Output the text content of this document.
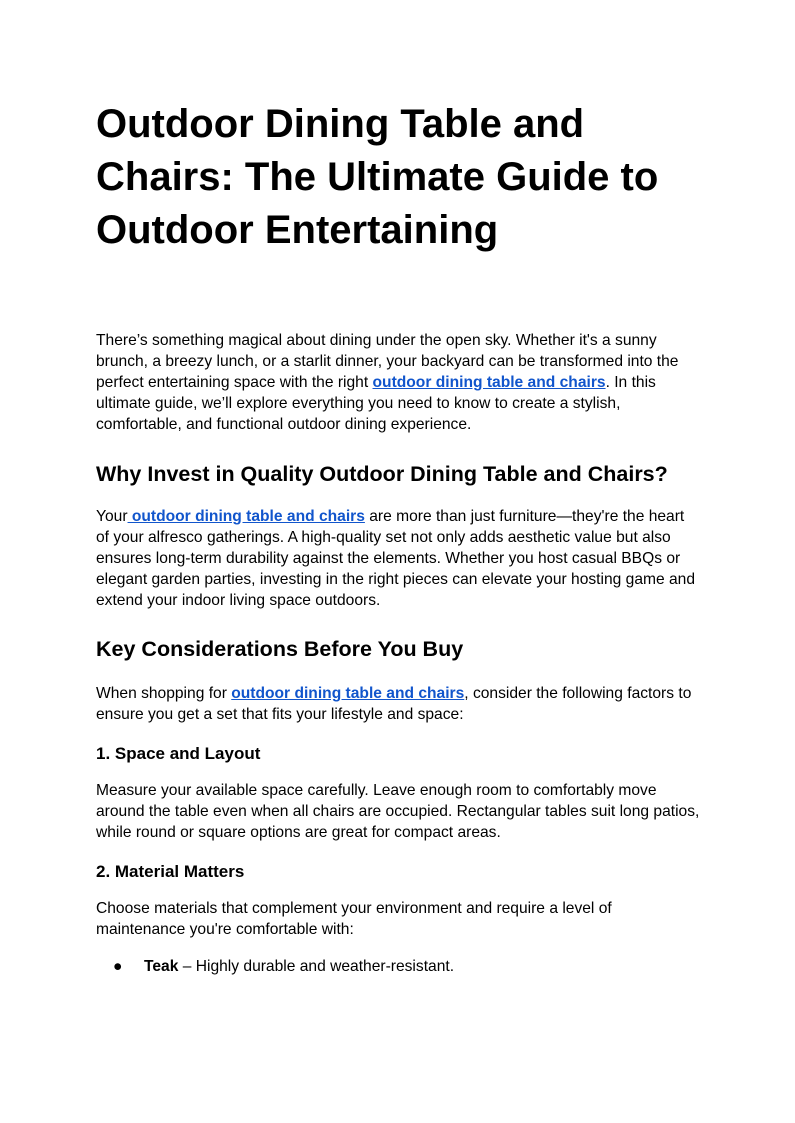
Outdoor Dining Table and Chairs: The Ultimate Guide to Outdoor Entertaining

There’s something magical about dining under the open sky. Whether it's a sunny brunch, a breezy lunch, or a starlit dinner, your backyard can be transformed into the perfect entertaining space with the right outdoor dining table and chairs. In this ultimate guide, we’ll explore everything you need to know to create a stylish, comfortable, and functional outdoor dining experience.

Why Invest in Quality Outdoor Dining Table and Chairs?

Your outdoor dining table and chairs are more than just furniture—they're the heart of your alfresco gatherings. A high-quality set not only adds aesthetic value but also ensures long-term durability against the elements. Whether you host casual BBQs or elegant garden parties, investing in the right pieces can elevate your hosting game and extend your indoor living space outdoors.

Key Considerations Before You Buy

When shopping for outdoor dining table and chairs, consider the following factors to ensure you get a set that fits your lifestyle and space:

1. Space and Layout

Measure your available space carefully. Leave enough room to comfortably move around the table even when all chairs are occupied. Rectangular tables suit long patios, while round or square options are great for compact areas.

2. Material Matters

Choose materials that complement your environment and require a level of maintenance you're comfortable with:

● Teak – Highly durable and weather-resistant.
